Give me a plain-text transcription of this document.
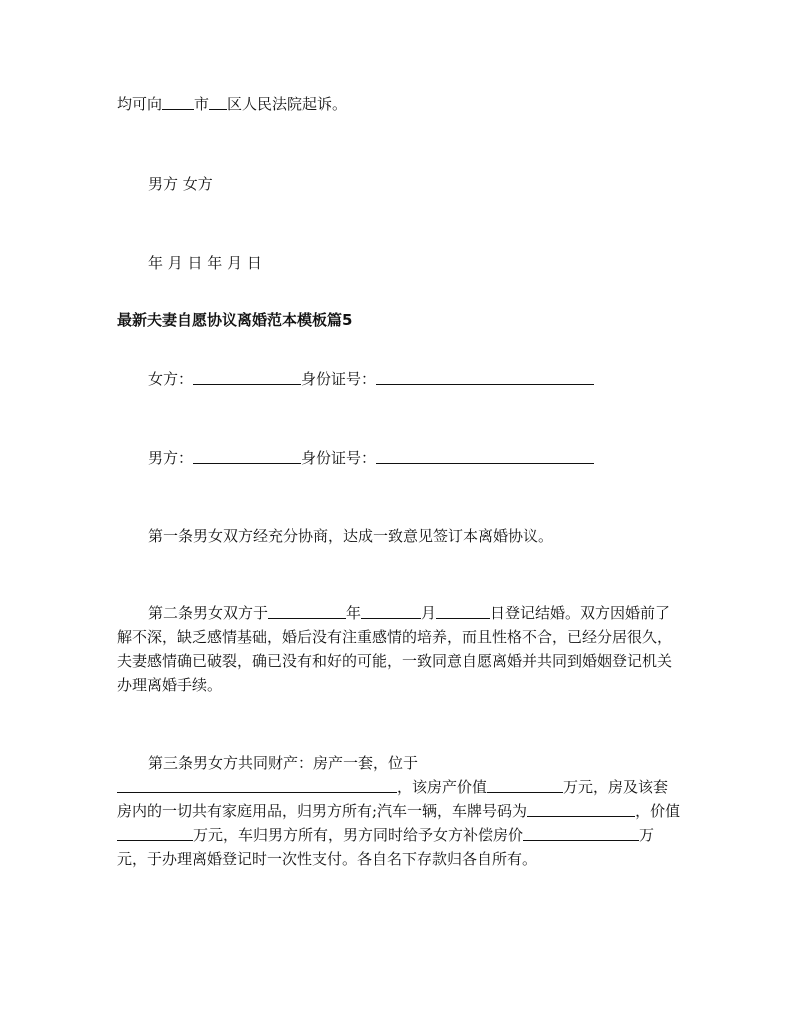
均可向 市 区人民法院起诉。
男方 女方
年 月 日 年 月 日
最新夫妻自愿协议离婚范本模板篇5
女方：	身份证号：
男方：	身份证号：
第一条男女双方经充分协商，达成一致意见签订本离婚协议。
第二条男女双方于	年	月	日登记结婚。双方因婚前了解不深，缺乏感情基础，婚后没有注重感情的培养，而且性格不合，已经分居很久，夫妻感情确已破裂，确已没有和好的可能，一致同意自愿离婚并共同到婚姻登记机关办理离婚手续。
第三条男女方共同财产：房产一套，位于，该房产价值	万元，房及该套房内的一切共有家庭用品，归男方所有;汽车一辆，车牌号码为	，价值万元，车归男方所有，男方同时给予女方补偿房价	万元，于办理离婚登记时一次性支付。各自名下存款归各自所有。
